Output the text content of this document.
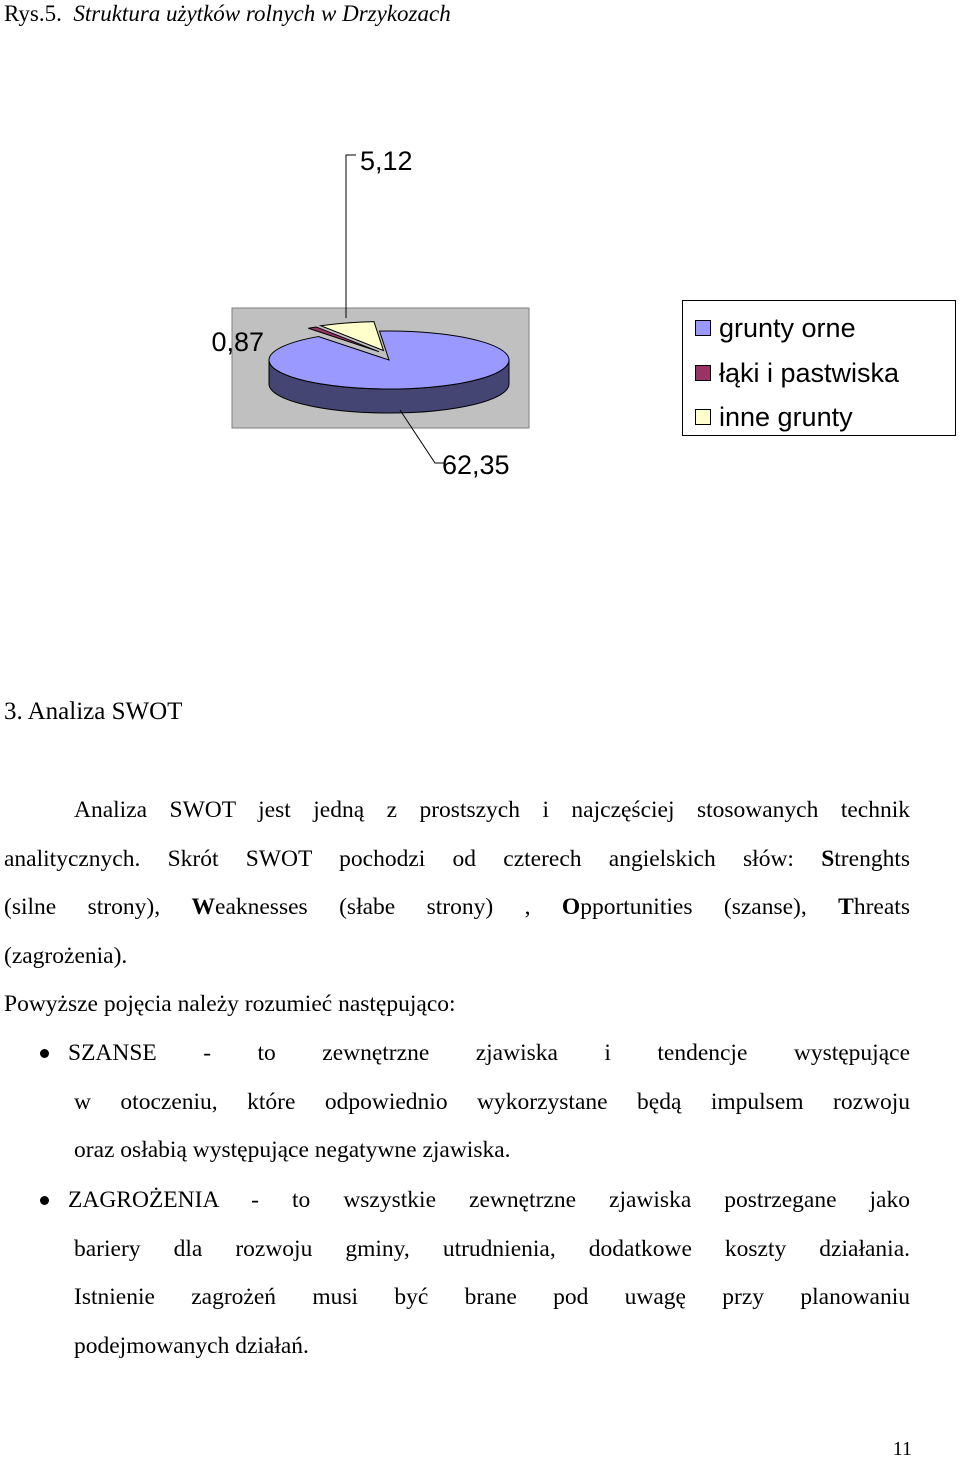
Rys.5. Struktura użytków rolnych w Drzykozach
62,35
0,87
5,12
grunty orne
łąki i pastwiska
inne grunty
3. Analiza SWOT
Analiza SWOT jest jedną z prostszych i najczęściej stosowanych technik
analitycznych. Skrót SWOT pochodzi od czterech angielskich słów: Strenghts
(silne strony), Weaknesses (słabe strony) , Opportunities (szanse), Threats
(zagrożenia).
Powyższe pojęcia należy rozumieć następująco:
SZANSE - to zewnętrzne zjawiska i tendencje występujące
w otoczeniu, które odpowiednio wykorzystane będą impulsem rozwoju
oraz osłabią występujące negatywne zjawiska.
ZAGROŻENIA - to wszystkie zewnętrzne zjawiska postrzegane jako
bariery dla rozwoju gminy, utrudnienia, dodatkowe koszty działania.
Istnienie zagrożeń musi być brane pod uwagę przy planowaniu
podejmowanych działań.
11
